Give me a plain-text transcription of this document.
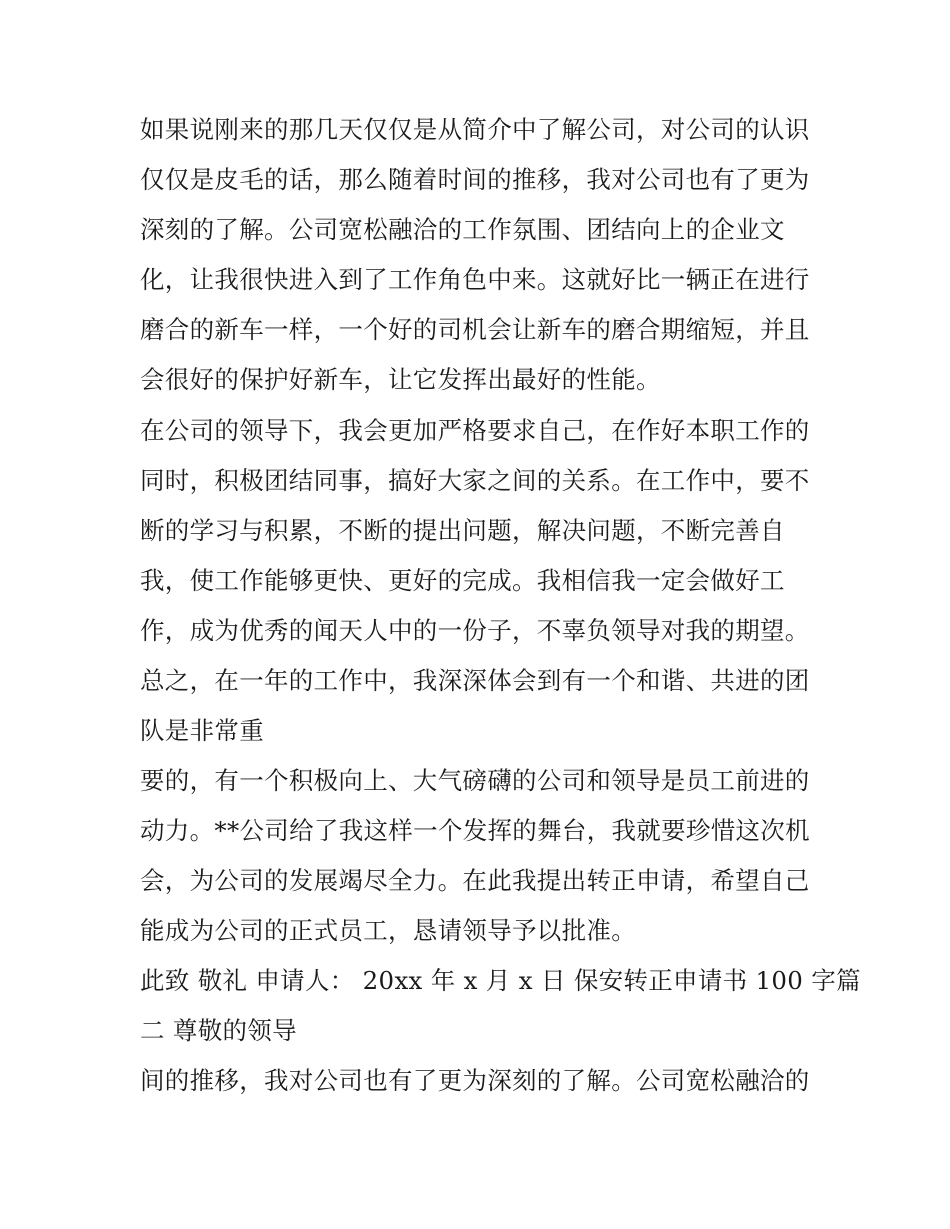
如果说刚来的那几天仅仅是从简介中了解公司，对公司的认识
仅仅是皮毛的话，那么随着时间的推移，我对公司也有了更为
深刻的了解。公司宽松融洽的工作氛围、团结向上的企业文
化，让我很快进入到了工作角色中来。这就好比一辆正在进行
磨合的新车一样，一个好的司机会让新车的磨合期缩短，并且
会很好的保护好新车，让它发挥出最好的性能。
在公司的领导下，我会更加严格要求自己，在作好本职工作的
同时，积极团结同事，搞好大家之间的关系。在工作中，要不
断的学习与积累，不断的提出问题，解决问题，不断完善自
我，使工作能够更快、更好的完成。我相信我一定会做好工
作，成为优秀的闻天人中的一份子，不辜负领导对我的期望。
总之，在一年的工作中，我深深体会到有一个和谐、共进的团
队是非常重
要的，有一个积极向上、大气磅礴的公司和领导是员工前进的
动力。**公司给了我这样一个发挥的舞台，我就要珍惜这次机
会，为公司的发展竭尽全力。在此我提出转正申请，希望自己
能成为公司的正式员工，恳请领导予以批准。
此致 敬礼 申请人： 20xx 年 x 月 x 日 保安转正申请书 100 字篇
二 尊敬的领导
间的推移，我对公司也有了更为深刻的了解。公司宽松融洽的
